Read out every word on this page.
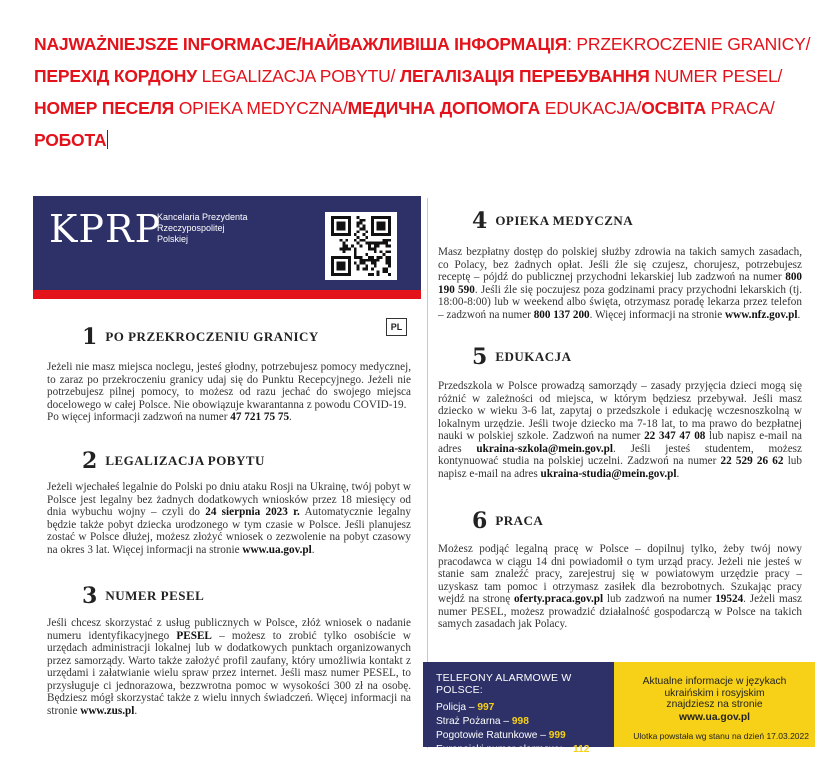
NAJWAŻNIEJSZE INFORMACJE/НАЙВАЖЛИВІША ІНФОРМАЦІЯ: PRZEKROCZENIE GRANICY/ПЕРЕХІД КОРДОНУ LEGALIZACJA POBYTU/ ЛЕГАЛІЗАЦІЯ ПЕРЕБУВАННЯ NUMER PESEL/НОМЕР ПЕСЕЛЯ OPIEKA MEDYCZNA/МЕДИЧНА ДОПОМОГА EDUKACJA/ОСВІТА PRACA/РОБОТА
KPRP
Kancelaria Prezydenta
Rzeczypospolitej
Polskiej
PL
1 PO PRZEKROCZENIU GRANICY
Jeżeli nie masz miejsca noclegu, jesteś głodny, potrzebujesz pomocy medycznej, to zaraz po przekroczeniu granicy udaj się do Punktu Recepcyjnego. Jeżeli nie potrzebujesz pilnej pomocy, to możesz od razu jechać do swojego miejsca docelowego w całej Polsce. Nie obowiązuje kwarantanna z powodu COVID-19.
Po więcej informacji zadzwoń na numer 47 721 75 75.
2 LEGALIZACJA POBYTU
Jeżeli wjechałeś legalnie do Polski po dniu ataku Rosji na Ukrainę, twój pobyt w Polsce jest legalny bez żadnych dodatkowych wniosków przez 18 miesięcy od dnia wybuchu wojny – czyli do 24 sierpnia 2023 r. Automatycznie legalny będzie także pobyt dziecka urodzonego w tym czasie w Polsce. Jeśli planujesz zostać w Polsce dłużej, możesz złożyć wniosek o zezwolenie na pobyt czasowy na okres 3 lat. Więcej informacji na stronie www.ua.gov.pl.
3 NUMER PESEL
Jeśli chcesz skorzystać z usług publicznych w Polsce, złóż wniosek o nadanie numeru identyfikacyjnego PESEL – możesz to zrobić tylko osobiście w urzędach administracji lokalnej lub w dodatkowych punktach organizowanych przez samorządy. Warto także założyć profil zaufany, który umożliwia kontakt z urzędami i załatwianie wielu spraw przez internet. Jeśli masz numer PESEL, to przysługuje ci jednorazowa, bezzwrotna pomoc w wysokości 300 zł na osobę. Będziesz mógł skorzystać także z wielu innych świadczeń. Więcej informacji na stronie www.zus.pl.
4 OPIEKA MEDYCZNA
Masz bezpłatny dostęp do polskiej służby zdrowia na takich samych zasadach, co Polacy, bez żadnych opłat. Jeśli źle się czujesz, chorujesz, potrzebujesz receptę – pójdź do publicznej przychodni lekarskiej lub zadzwoń na numer 800 190 590. Jeśli źle się poczujesz poza godzinami pracy przychodni lekarskich (tj. 18:00-8:00) lub w weekend albo święta, otrzymasz poradę lekarza przez telefon – zadzwoń na numer 800 137 200. Więcej informacji na stronie www.nfz.gov.pl.
5 EDUKACJA
Przedszkola w Polsce prowadzą samorządy – zasady przyjęcia dzieci mogą się różnić w zależności od miejsca, w którym będziesz przebywał. Jeśli masz dziecko w wieku 3-6 lat, zapytaj o przedszkole i edukację wczesnoszkolną w lokalnym urzędzie. Jeśli twoje dziecko ma 7-18 lat, to ma prawo do bezpłatnej nauki w polskiej szkole. Zadzwoń na numer 22 347 47 08 lub napisz e-mail na adres ukraina-szkola@mein.gov.pl. Jeśli jesteś studentem, możesz kontynuować studia na polskiej uczelni. Zadzwoń na numer 22 529 26 62 lub napisz e-mail na adres ukraina-studia@mein.gov.pl.
6 PRACA
Możesz podjąć legalną pracę w Polsce – dopilnuj tylko, żeby twój nowy pracodawca w ciągu 14 dni powiadomił o tym urząd pracy. Jeżeli nie jesteś w stanie sam znaleźć pracy, zarejestruj się w powiatowym urzędzie pracy – uzyskasz tam pomoc i otrzymasz zasiłek dla bezrobotnych. Szukając pracy wejdź na stronę oferty.praca.gov.pl lub zadzwoń na numer 19524. Jeżeli masz numer PESEL, możesz prowadzić działalność gospodarczą w Polsce na takich samych zasadach jak Polacy.
TELEFONY ALARMOWE W POLSCE:
Policja – 997
Straż Pożarna – 998
Pogotowie Ratunkowe – 999
Europejski numer alarmowy – 112
Aktualne informacje w językach
ukraińskim i rosyjskim
znajdziesz na stronie
www.ua.gov.pl
Ulotka powstała wg stanu na dzień 17.03.2022
